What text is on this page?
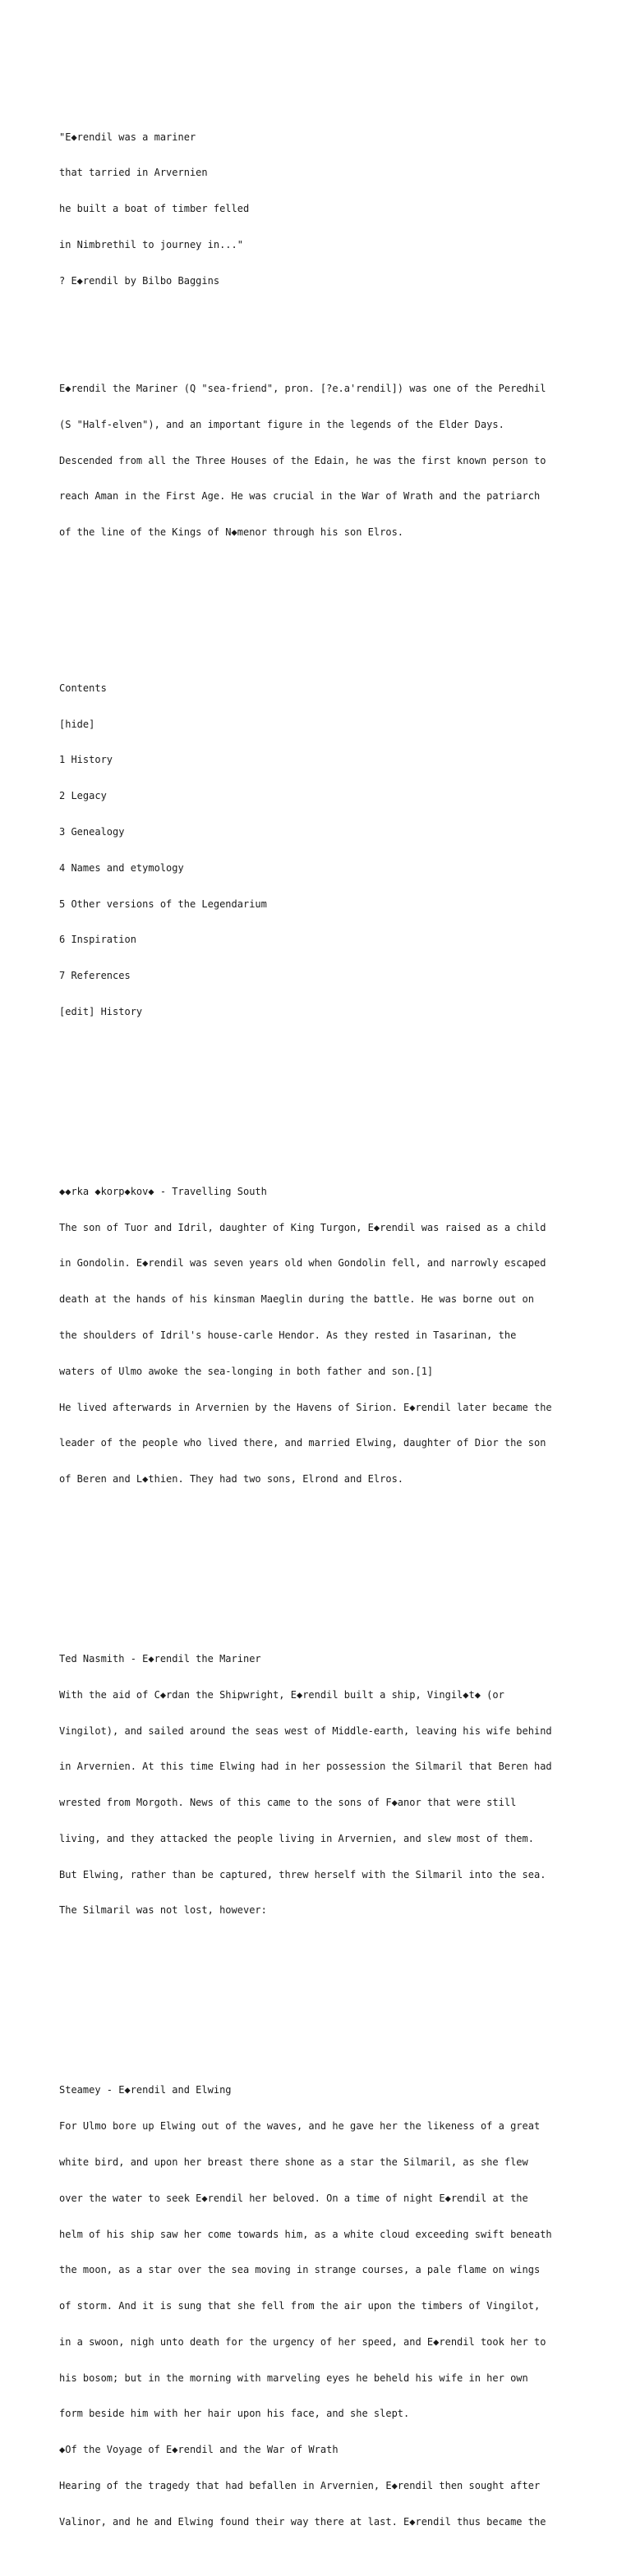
"E◆rendil was a mariner

that tarried in Arvernien

he built a boat of timber felled

in Nimbrethil to journey in..."

? E◆rendil by Bilbo Baggins

E◆rendil the Mariner (Q "sea-friend", pron. [?e.a'rendil]) was one of the Peredhil

(S "Half-elven"), and an important figure in the legends of the Elder Days.

Descended from all the Three Houses of the Edain, he was the first known person to

reach Aman in the First Age. He was crucial in the War of Wrath and the patriarch

of the line of the Kings of N◆menor through his son Elros.

Contents

[hide]

1 History

2 Legacy

3 Genealogy

4 Names and etymology

5 Other versions of the Legendarium

6 Inspiration

7 References

[edit] History

◆◆rka ◆korp◆kov◆ - Travelling South

The son of Tuor and Idril, daughter of King Turgon, E◆rendil was raised as a child

in Gondolin. E◆rendil was seven years old when Gondolin fell, and narrowly escaped

death at the hands of his kinsman Maeglin during the battle. He was borne out on

the shoulders of Idril's house-carle Hendor. As they rested in Tasarinan, the

waters of Ulmo awoke the sea-longing in both father and son.[1]

He lived afterwards in Arvernien by the Havens of Sirion. E◆rendil later became the

leader of the people who lived there, and married Elwing, daughter of Dior the son

of Beren and L◆thien. They had two sons, Elrond and Elros.

Ted Nasmith - E◆rendil the Mariner

With the aid of C◆rdan the Shipwright, E◆rendil built a ship, Vingil◆t◆ (or

Vingilot), and sailed around the seas west of Middle-earth, leaving his wife behind

in Arvernien. At this time Elwing had in her possession the Silmaril that Beren had

wrested from Morgoth. News of this came to the sons of F◆anor that were still

living, and they attacked the people living in Arvernien, and slew most of them.

But Elwing, rather than be captured, threw herself with the Silmaril into the sea.

The Silmaril was not lost, however:

Steamey - E◆rendil and Elwing

For Ulmo bore up Elwing out of the waves, and he gave her the likeness of a great

white bird, and upon her breast there shone as a star the Silmaril, as she flew

over the water to seek E◆rendil her beloved. On a time of night E◆rendil at the

helm of his ship saw her come towards him, as a white cloud exceeding swift beneath

the moon, as a star over the sea moving in strange courses, a pale flame on wings

of storm. And it is sung that she fell from the air upon the timbers of Vingilot,

in a swoon, nigh unto death for the urgency of her speed, and E◆rendil took her to

his bosom; but in the morning with marveling eyes he beheld his wife in her own

form beside him with her hair upon his face, and she slept.

◆Of the Voyage of E◆rendil and the War of Wrath

Hearing of the tragedy that had befallen in Arvernien, E◆rendil then sought after

Valinor, and he and Elwing found their way there at last. E◆rendil thus became the
